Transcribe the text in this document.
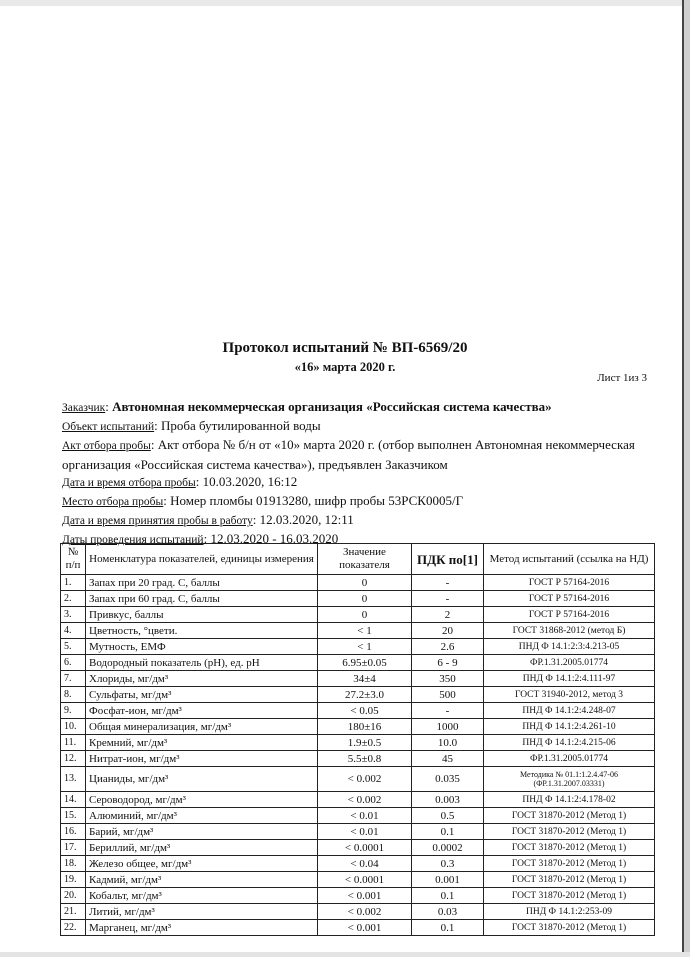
Протокол испытаний № ВП-6569/20
«16» марта 2020 г.
Лист 1из 3
Заказчик: Автономная некоммерческая организация «Российская система качества»
Объект испытаний: Проба бутилированной воды
Акт отбора пробы: Акт отбора № б/н от «10» марта 2020 г. (отбор выполнен Автономная некоммерческая организация «Российская система качества»), предъявлен Заказчиком
Дата и время отбора пробы: 10.03.2020, 16:12
Место отбора пробы: Номер пломбы 01913280, шифр пробы 53РСК0005/Г
Дата и время принятия пробы в работу: 12.03.2020, 12:11
Даты проведения испытаний: 12.03.2020 - 16.03.2020
№ п/п	Номенклатура показателей, единицы измерения	Значение показателя	ПДК по[1]	Метод испытаний (ссылка на НД)
1.	Запах при 20 град. С, баллы	0	-	ГОСТ Р 57164-2016
2.	Запах при 60 град. С, баллы	0	-	ГОСТ Р 57164-2016
3.	Привкус, баллы	0	2	ГОСТ Р 57164-2016
4.	Цветность, °цвети.	< 1	20	ГОСТ 31868-2012 (метод Б)
5.	Мутность, ЕМФ	< 1	2.6	ПНД Ф 14.1:2:3:4.213-05
6.	Водородный показатель (рН), ед. рН	6.95±0.05	6 - 9	ФР.1.31.2005.01774
7.	Хлориды, мг/дм³	34±4	350	ПНД Ф 14.1:2:4.111-97
8.	Сульфаты, мг/дм³	27.2±3.0	500	ГОСТ 31940-2012, метод 3
9.	Фосфат-ион, мг/дм³	< 0.05	-	ПНД Ф 14.1:2:4.248-07
10.	Общая минерализация, мг/дм³	180±16	1000	ПНД Ф 14.1:2:4.261-10
11.	Кремний, мг/дм³	1.9±0.5	10.0	ПНД Ф 14.1:2:4.215-06
12.	Нитрат-ион, мг/дм³	5.5±0.8	45	ФР.1.31.2005.01774
13.	Цианиды, мг/дм³	< 0.002	0.035	Методика № 01.1:1.2.4.47-06 (ФР.1.31.2007.03331)
14.	Сероводород, мг/дм³	< 0.002	0.003	ПНД Ф 14.1:2:4.178-02
15.	Алюминий, мг/дм³	< 0.01	0.5	ГОСТ 31870-2012 (Метод 1)
16.	Барий, мг/дм³	< 0.01	0.1	ГОСТ 31870-2012 (Метод 1)
17.	Бериллий, мг/дм³	< 0.0001	0.0002	ГОСТ 31870-2012 (Метод 1)
18.	Железо общее, мг/дм³	< 0.04	0.3	ГОСТ 31870-2012 (Метод 1)
19.	Кадмий, мг/дм³	< 0.0001	0.001	ГОСТ 31870-2012 (Метод 1)
20.	Кобальт, мг/дм³	< 0.001	0.1	ГОСТ 31870-2012 (Метод 1)
21.	Литий, мг/дм³	< 0.002	0.03	ПНД Ф 14.1:2:253-09
22.	Марганец, мг/дм³	< 0.001	0.1	ГОСТ 31870-2012 (Метод 1)
